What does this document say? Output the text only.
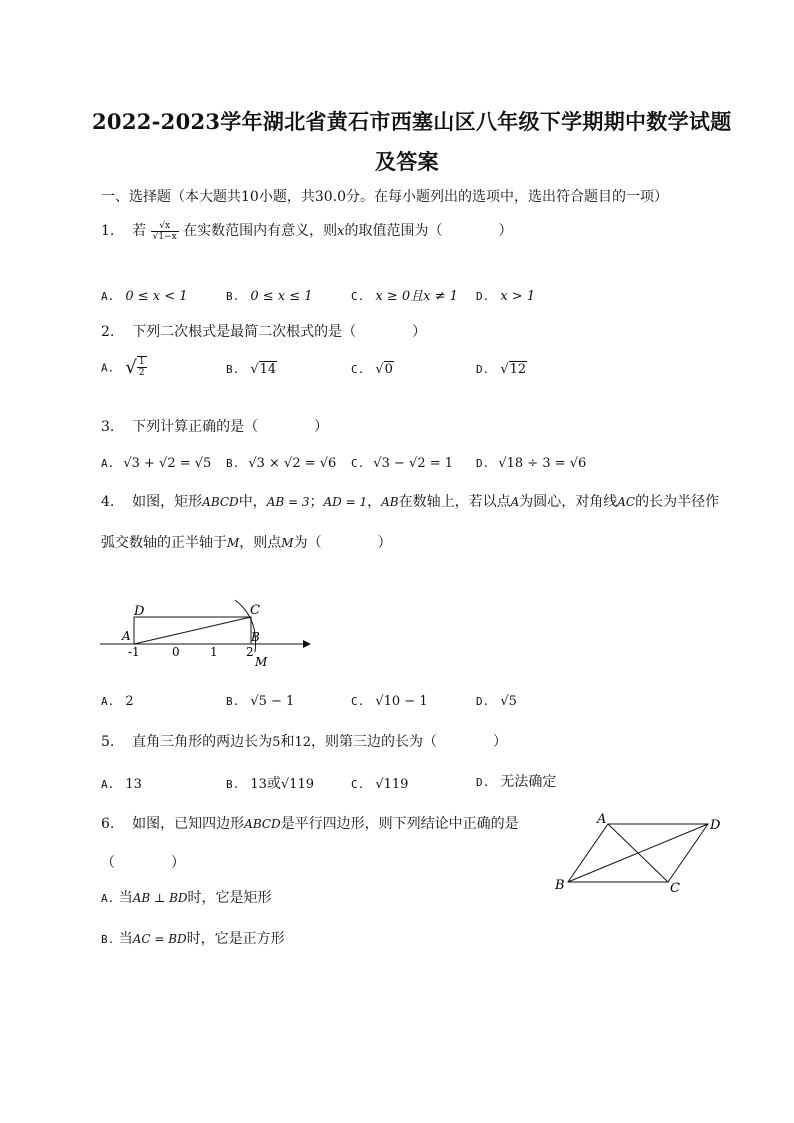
2022-2023学年湖北省黄石市西塞山区八年级下学期期中数学试题
及答案
一、选择题（本大题共10小题，共30.0分。在每小题列出的选项中，选出符合题目的一项）
1. 若 $\frac{√x}{√1-x}$ 在实数范围内有意义，则x的取值范围为（　　　　）
A. 0 ≤ x < 1	B. 0 ≤ x ≤ 1	C. x ≥ 0且x ≠ 1 D. x > 1
2. 下列二次根式是最简二次根式的是（　　　　）
A. √ $\frac{1}{2}$	B. √14	C. √0	D. √12
3. 下列计算正确的是（　　　　）
A. √3 + √2 = √5 B. √3 × √2 = √6 C. √3 − √2 = 1 D. √18 ÷ 3 = √6
4. 如图，矩形ABCD中，AB = 3；AD = 1，AB在数轴上，若以点A为圆心，对角线AC的长为半径作
弧交数轴的正半轴于M，则点M为（　　　　）
D	C
A	B
M
-1	0	1 2
A. 2	B. √5 − 1	C. √10 − 1	D. √5
5. 直角三角形的两边长为5和12，则第三边的长为（　　　　）
A. 13	B. 13或√119	C. √119	D. 无法确定
6. 如图，已知四边形ABCD是平行四边形，则下列结论中正确的是
（　　　　）
A	D
B	C
A. 当AB ⊥ BD时，它是矩形
B. 当AC = BD时，它是正方形
